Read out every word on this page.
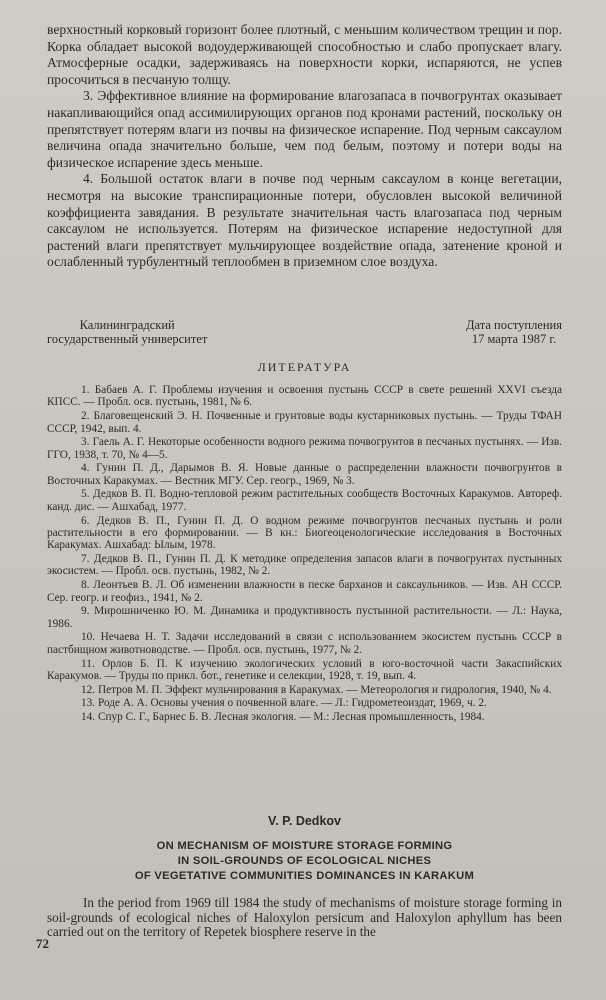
верхностный корковый горизонт более плотный, с меньшим количеством трещин и пор. Корка обладает высокой водоудерживающей способностью и слабо пропускает влагу. Атмосферные осадки, задерживаясь на поверхности корки, испаряются, не успев просочиться в песчаную толщу.

3. Эффективное влияние на формирование влагозапаса в почвогрунтах оказывает накапливающийся опад ассимилирующих органов под кронами растений, поскольку он препятствует потерям влаги из почвы на физическое испарение. Под черным саксаулом величина опада значительно больше, чем под белым, поэтому и потери воды на физическое испарение здесь меньше.

4. Большой остаток влаги в почве под черным саксаулом в конце вегетации, несмотря на высокие транспирационные потери, обусловлен высокой величиной коэффициента завядания. В результате значительная часть влагозапаса под черным саксаулом не используется. Потерям на физическое испарение недоступной для растений влаги препятствует мульчирующее воздействие опада, затенение кроной и ослабленный турбулентный теплообмен в приземном слое воздуха.

Калининградский
государственный университет
Дата поступления
17 марта 1987 г.
ЛИТЕРАТУРА
1. Бабаев А. Г. Проблемы изучения и освоения пустынь СССР в свете решений XXVI съезда КПСС. — Пробл. осв. пустынь, 1981, № 6.
2. Благовещенский Э. Н. Почвенные и грунтовые воды кустарниковых пустынь. — Труды ТФАН СССР, 1942, вып. 4.
3. Гаель А. Г. Некоторые особенности водного режима почвогрунтов в песчаных пустынях. — Изв. ГГО, 1938, т. 70, № 4—5.
4. Гунин П. Д., Дарымов В. Я. Новые данные о распределении влажности почвогрунтов в Восточных Каракумах. — Вестник МГУ. Сер. геогр., 1969, № 3.
5. Дедков В. П. Водно-тепловой режим растительных сообществ Восточных Каракумов. Автореф. канд. дис. — Ашхабад, 1977.
6. Дедков В. П., Гунин П. Д. О водном режиме почвогрунтов песчаных пустынь и роли растительности в его формировании. — В кн.: Биогеоценологические исследования в Восточных Каракумах. Ашхабад: Ылым, 1978.
7. Дедков В. П., Гунин П. Д. К методике определения запасов влаги в почвогрунтах пустынных экосистем. — Пробл. осв. пустынь, 1982, № 2.
8. Леонтьев В. Л. Об изменении влажности в песке барханов и саксаульников. — Изв. АН СССР. Сер. геогр. и геофиз., 1941, № 2.
9. Мирошниченко Ю. М. Динамика и продуктивность пустынной растительности. — Л.: Наука, 1986.
10. Нечаева Н. Т. Задачи исследований в связи с использованием экосистем пустынь СССР в пастбищном животноводстве. — Пробл. осв. пустынь, 1977, № 2.
11. Орлов Б. П. К изучению экологических условий в юго-восточной части Закаспийских Каракумов. — Труды по прикл. бот., генетике и селекции, 1928, т. 19, вып. 4.
12. Петров М. П. Эффект мульчирования в Каракумах. — Метеорология и гидрология, 1940, № 4.
13. Роде А. А. Основы учения о почвенной влаге. — Л.: Гидрометеоиздат, 1969, ч. 2.
14. Спур С. Г., Барнес Б. В. Лесная экология. — М.: Лесная промышленность, 1984.
V. P. Dedkov
ON MECHANISM OF MOISTURE STORAGE FORMING
IN SOIL-GROUNDS OF ECOLOGICAL NICHES
OF VEGETATIVE COMMUNITIES DOMINANCES IN KARAKUM

In the period from 1969 till 1984 the study of mechanisms of moisture storage forming in soil-grounds of ecological niches of Haloxylon persicum and Haloxylon aphyllum has been carried out on the territory of Repetek biosphere reserve in the

72
